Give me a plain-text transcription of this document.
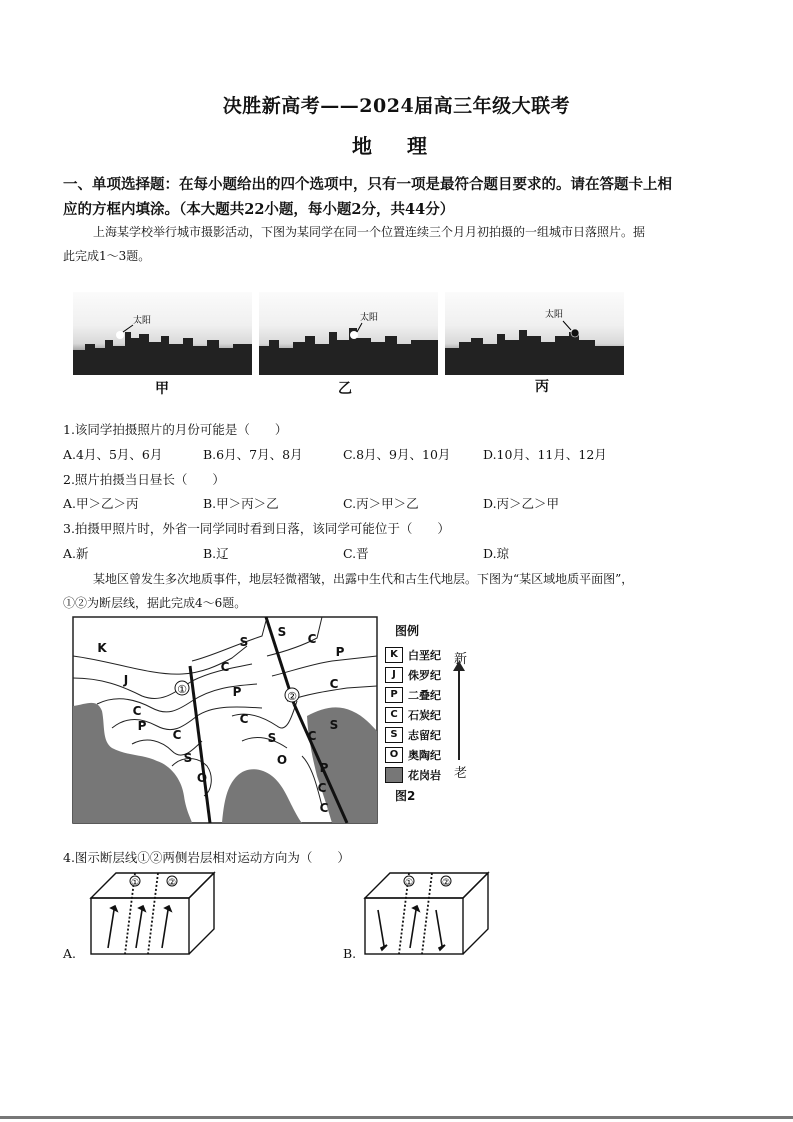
决胜新高考——2024届高三年级大联考
地 理
一、单项选择题：在每小题给出的四个选项中，只有一项是最符合题目要求的。请在答题卡上相
应的方框内填涂。（本大题共22小题，每小题2分，共44分）
上海某学校举行城市摄影活动，下图为某同学在同一个位置连续三个月月初拍摄的一组城市日落照片。据
此完成1～3题。
太阳	太阳	太阳
甲	乙	丙
1.该同学拍摄照片的月份可能是（　　）
A.4月、5月、6月	B.6月、7月、8月	C.8月、9月、10月	D.10月、11月、12月
2.照片拍摄当日昼长（　　）
A.甲＞乙＞丙	B.甲＞丙＞乙	C.丙＞甲＞乙	D.丙＞乙＞甲
3.拍摄甲照片时，外省一同学同时看到日落，该同学可能位于（　　）
A.新	B.辽	C.晋	D.琼
某地区曾发生多次地质事件，地层轻微褶皱，出露中生代和古生代地层。下图为“某区域地质平面图”，
①②为断层线，据此完成4～6题。
①
②
K
J
S
S C
P
C
C
P
C
P
C
C
S	C
S
S
O
O
C
P
C
图例
K 白垩纪
J	侏罗纪
P 二叠纪
C 石炭纪
S 志留纪
O 奥陶纪
花岗岩
图2
新
老
4.图示断层线①②两侧岩层相对运动方向为（　　）
①	②
A.
①	②
B.
